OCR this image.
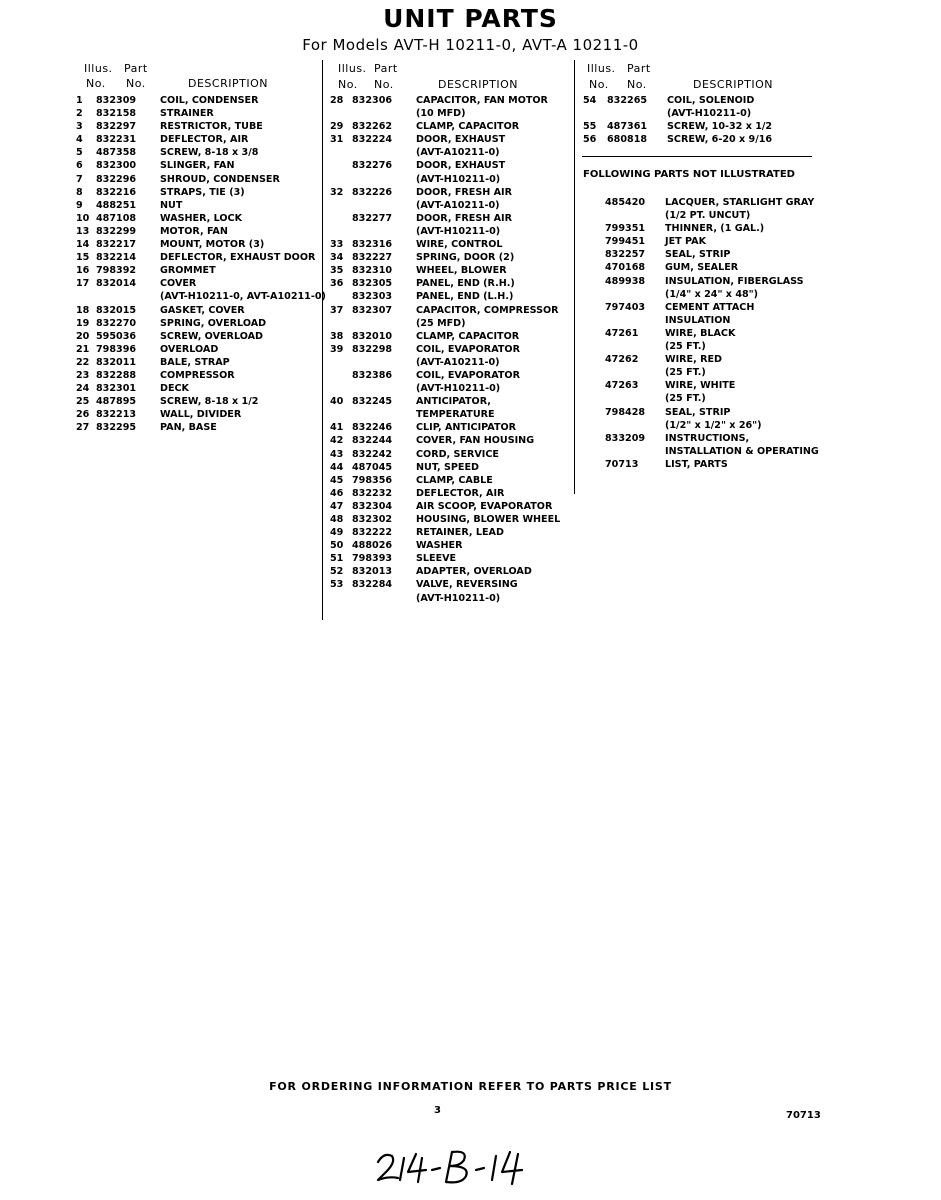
UNIT PARTS
For Models AVT-H 10211-0, AVT-A 10211-0
Illus. Part
No. No.	DESCRIPTION
1 832309 COIL, CONDENSER
2 832158 STRAINER
3 832297 RESTRICTOR, TUBE
4 832231 DEFLECTOR, AIR
5 487358 SCREW, 8-18 x 3/8
6 832300 SLINGER, FAN
7 832296 SHROUD, CONDENSER
8 832216 STRAPS, TIE (3)
9 488251 NUT
10 487108 WASHER, LOCK
13 832299 MOTOR, FAN
14 832217 MOUNT, MOTOR (3)
15 832214 DEFLECTOR, EXHAUST DOOR
16 798392 GROMMET
17 832014 COVER
(AVT-H10211-0, AVT-A10211-0)
18 832015 GASKET, COVER
19 832270 SPRING, OVERLOAD
20 595036 SCREW, OVERLOAD
21 798396 OVERLOAD
22 832011 BALE, STRAP
23 832288 COMPRESSOR
24 832301 DECK
25 487895 SCREW, 8-18 x 1/2
26 832213 WALL, DIVIDER
27 832295 PAN, BASE
Illus. Part
No. No.	DESCRIPTION
28 832306 CAPACITOR, FAN MOTOR
(10 MFD)
29 832262 CLAMP, CAPACITOR
31 832224 DOOR, EXHAUST
(AVT-A10211-0)
832276 DOOR, EXHAUST
(AVT-H10211-0)
32 832226 DOOR, FRESH AIR
(AVT-A10211-0)
832277 DOOR, FRESH AIR
(AVT-H10211-0)
33 832316 WIRE, CONTROL
34 832227 SPRING, DOOR (2)
35 832310 WHEEL, BLOWER
36 832305 PANEL, END (R.H.)
832303 PANEL, END (L.H.)
37 832307 CAPACITOR, COMPRESSOR
(25 MFD)
38 832010 CLAMP, CAPACITOR
39 832298 COIL, EVAPORATOR
(AVT-A10211-0)
832386 COIL, EVAPORATOR
(AVT-H10211-0)
40 832245 ANTICIPATOR,
TEMPERATURE
41 832246 CLIP, ANTICIPATOR
42 832244 COVER, FAN HOUSING
43 832242 CORD, SERVICE
44 487045 NUT, SPEED
45 798356 CLAMP, CABLE
46 832232 DEFLECTOR, AIR
47 832304 AIR SCOOP, EVAPORATOR
48 832302 HOUSING, BLOWER WHEEL
49 832222 RETAINER, LEAD
50 488026 WASHER
51 798393 SLEEVE
52 832013 ADAPTER, OVERLOAD
53 832284 VALVE, REVERSING
(AVT-H10211-0)
Illus. Part
No. No.	DESCRIPTION
54 832265 COIL, SOLENOID
(AVT-H10211-0)
55 487361 SCREW, 10-32 x 1/2
56 680818 SCREW, 6-20 x 9/16
FOLLOWING PARTS NOT ILLUSTRATED
485420 LACQUER, STARLIGHT GRAY
(1/2 PT. UNCUT)
799351 THINNER, (1 GAL.)
799451 JET PAK
832257 SEAL, STRIP
470168 GUM, SEALER
489938 INSULATION, FIBERGLASS
(1/4" x 24" x 48")
797403 CEMENT ATTACH
INSULATION
47261	WIRE, BLACK
(25 FT.)
47262	WIRE, RED
(25 FT.)
47263	WIRE, WHITE
(25 FT.)
798428 SEAL, STRIP
(1/2" x 1/2" x 26")
833209 INSTRUCTIONS,
INSTALLATION & OPERATING
70713	LIST, PARTS
FOR ORDERING INFORMATION REFER TO PARTS PRICE LIST
3	70713
